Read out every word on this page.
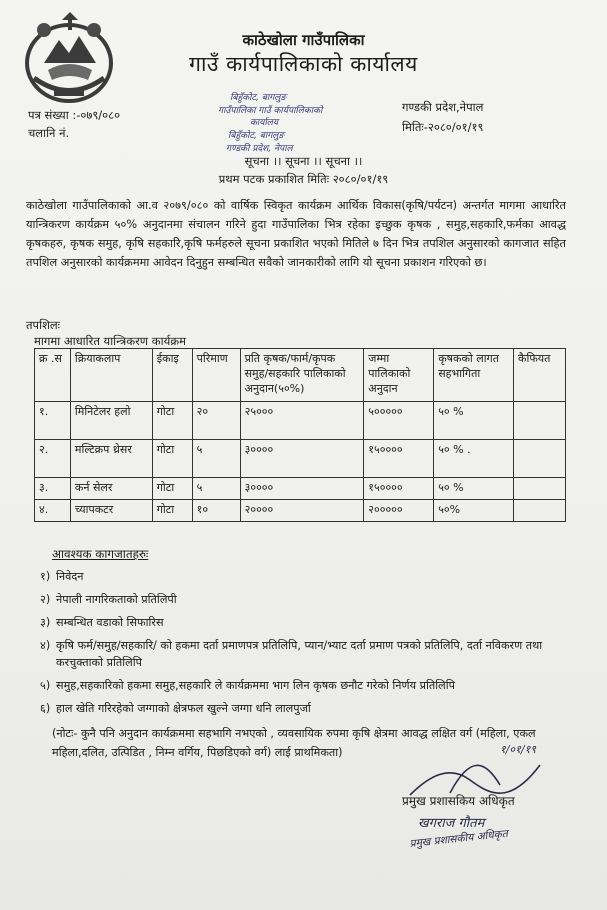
काठेखोला गाउँपालिका
गाउँ कार्यपालिकाको कार्यालय
पत्र संख्या :-०७९/०८०
चलानि नं.
गण्डकी प्रदेश,नेपाल
मितिः-२०८०/०१/१९
बिहुँकोट, बागलुङ
गाउँपालिका गाउँ कार्यपालिकाको
कार्यालय
बिहुँकोट, बागलुङ
गण्डकी प्रदेश, नेपाल
सूचना ।। सूचना ।। सूचना ।।
प्रथम पटक प्रकाशित मितिः २०८०/०१/१९
काठेखोला गाउँपालिकाको आ.व २०७९/०८० को वार्षिक स्विकृत कार्यक्रम आर्थिक विकास(कृषि/पर्यटन) अन्तर्गत मागमा आधारित यान्त्रिकरण कार्यक्रम ५०% अनुदानमा संचालन गरिने हुदा गाउँपालिका भित्र रहेका इच्छुक कृषक , समुह,सहकारि,फर्मका आवद्ध कृषकहरु, कृषक समुह, कृषि सहकारि,कृषि फर्महरुले सूचना प्रकाशित भएको मितिले ७ दिन भित्र तपशिल अनुसारको कागजात सहित तपशिल अनुसारको कार्यक्रममा आवेदन दिनुहुन सम्बन्धित सवैको जानकारीको लागि यो सूचना प्रकाशन गरिएको छ।
तपशिलः
मागमा आधारित यान्त्रिकरण कार्यक्रम
क्र .स	क्रियाकलाप	ईकाइ	परिमाण	प्रति कृषक/फार्म/कृपक समुह/सहकारि पालिकाको अनुदान(५०%)	जम्मा पालिकाको अनुदान	कृषकको लागत सहभागिता	कैफियत
१.	मिनिटेलर हलो	गोटा	२०	२५०००	५०००००	५० %	
२.	मल्टिक्रप थ्रेसर	गोटा	५	३००००	१५००००	५० % .	
३.	कर्न सेलर	गोटा	५	३००००	१५००००	५० %	
४.	च्यापकटर	गोटा	१०	२००००	२०००००	५०%	
आवश्यक कागजातहरुः
१) निवेदन
२) नेपाली नागरिकताको प्रतिलिपी
३) सम्बन्धित वडाको सिफारिस
४) कृषि फर्म/समुह/सहकारि/ को हकमा दर्ता प्रमाणपत्र प्रतिलिपि, प्यान/भ्याट दर्ता प्रमाण पत्रको प्रतिलिपि, दर्ता नविकरण तथा करचुक्ताको प्रतिलिपि
५) समुह,सहकारिको हकमा समुह,सहकारि ले कार्यक्रममा भाग लिन कृषक छनौट गरेको निर्णय प्रतिलिपि
६) हाल खेति गरिरहेको जग्गाको क्षेत्रफल खुल्ने जग्गा धनि लालपुर्जा
(नोटः- कुनै पनि अनुदान कार्यक्रममा सहभागि नभएको , व्यवसायिक रुपमा कृषि क्षेत्रमा आवद्ध लक्षित वर्ग (महिला, एकल महिला,दलित, उत्पिडित , निम्न वर्गिय, पिछडिएको वर्ग) लाई प्राथमिकता)	१/०१/१९
खगराज गौतम
प्रमुख प्रशासकीय अधिकृत
प्रमुख प्रशासकिय अधिकृत
